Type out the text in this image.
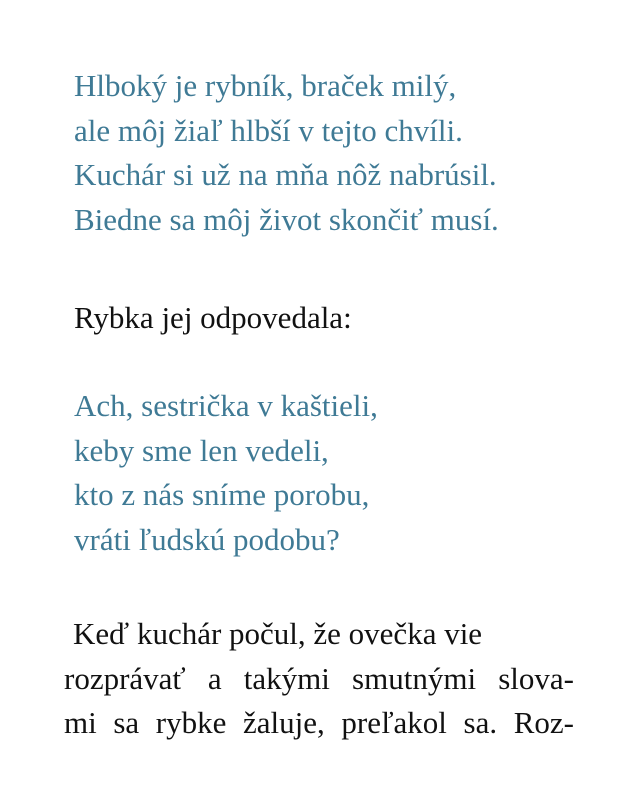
Hlboký je rybník, braček milý,
ale môj žiaľ hlbší v tejto chvíli.
Kuchár si už na mňa nôž nabrúsil.
Biedne sa môj život skončiť musí.

Rybka jej odpovedala:

Ach, sestrička v kaštieli,
keby sme len vedeli,
kto z nás sníme porobu,
vráti ľudskú podobu?
Keď kuchár počul, že ovečka vie
rozprávať a takými smutnými slova-
mi sa rybke žaluje, preľakol sa. Roz-
